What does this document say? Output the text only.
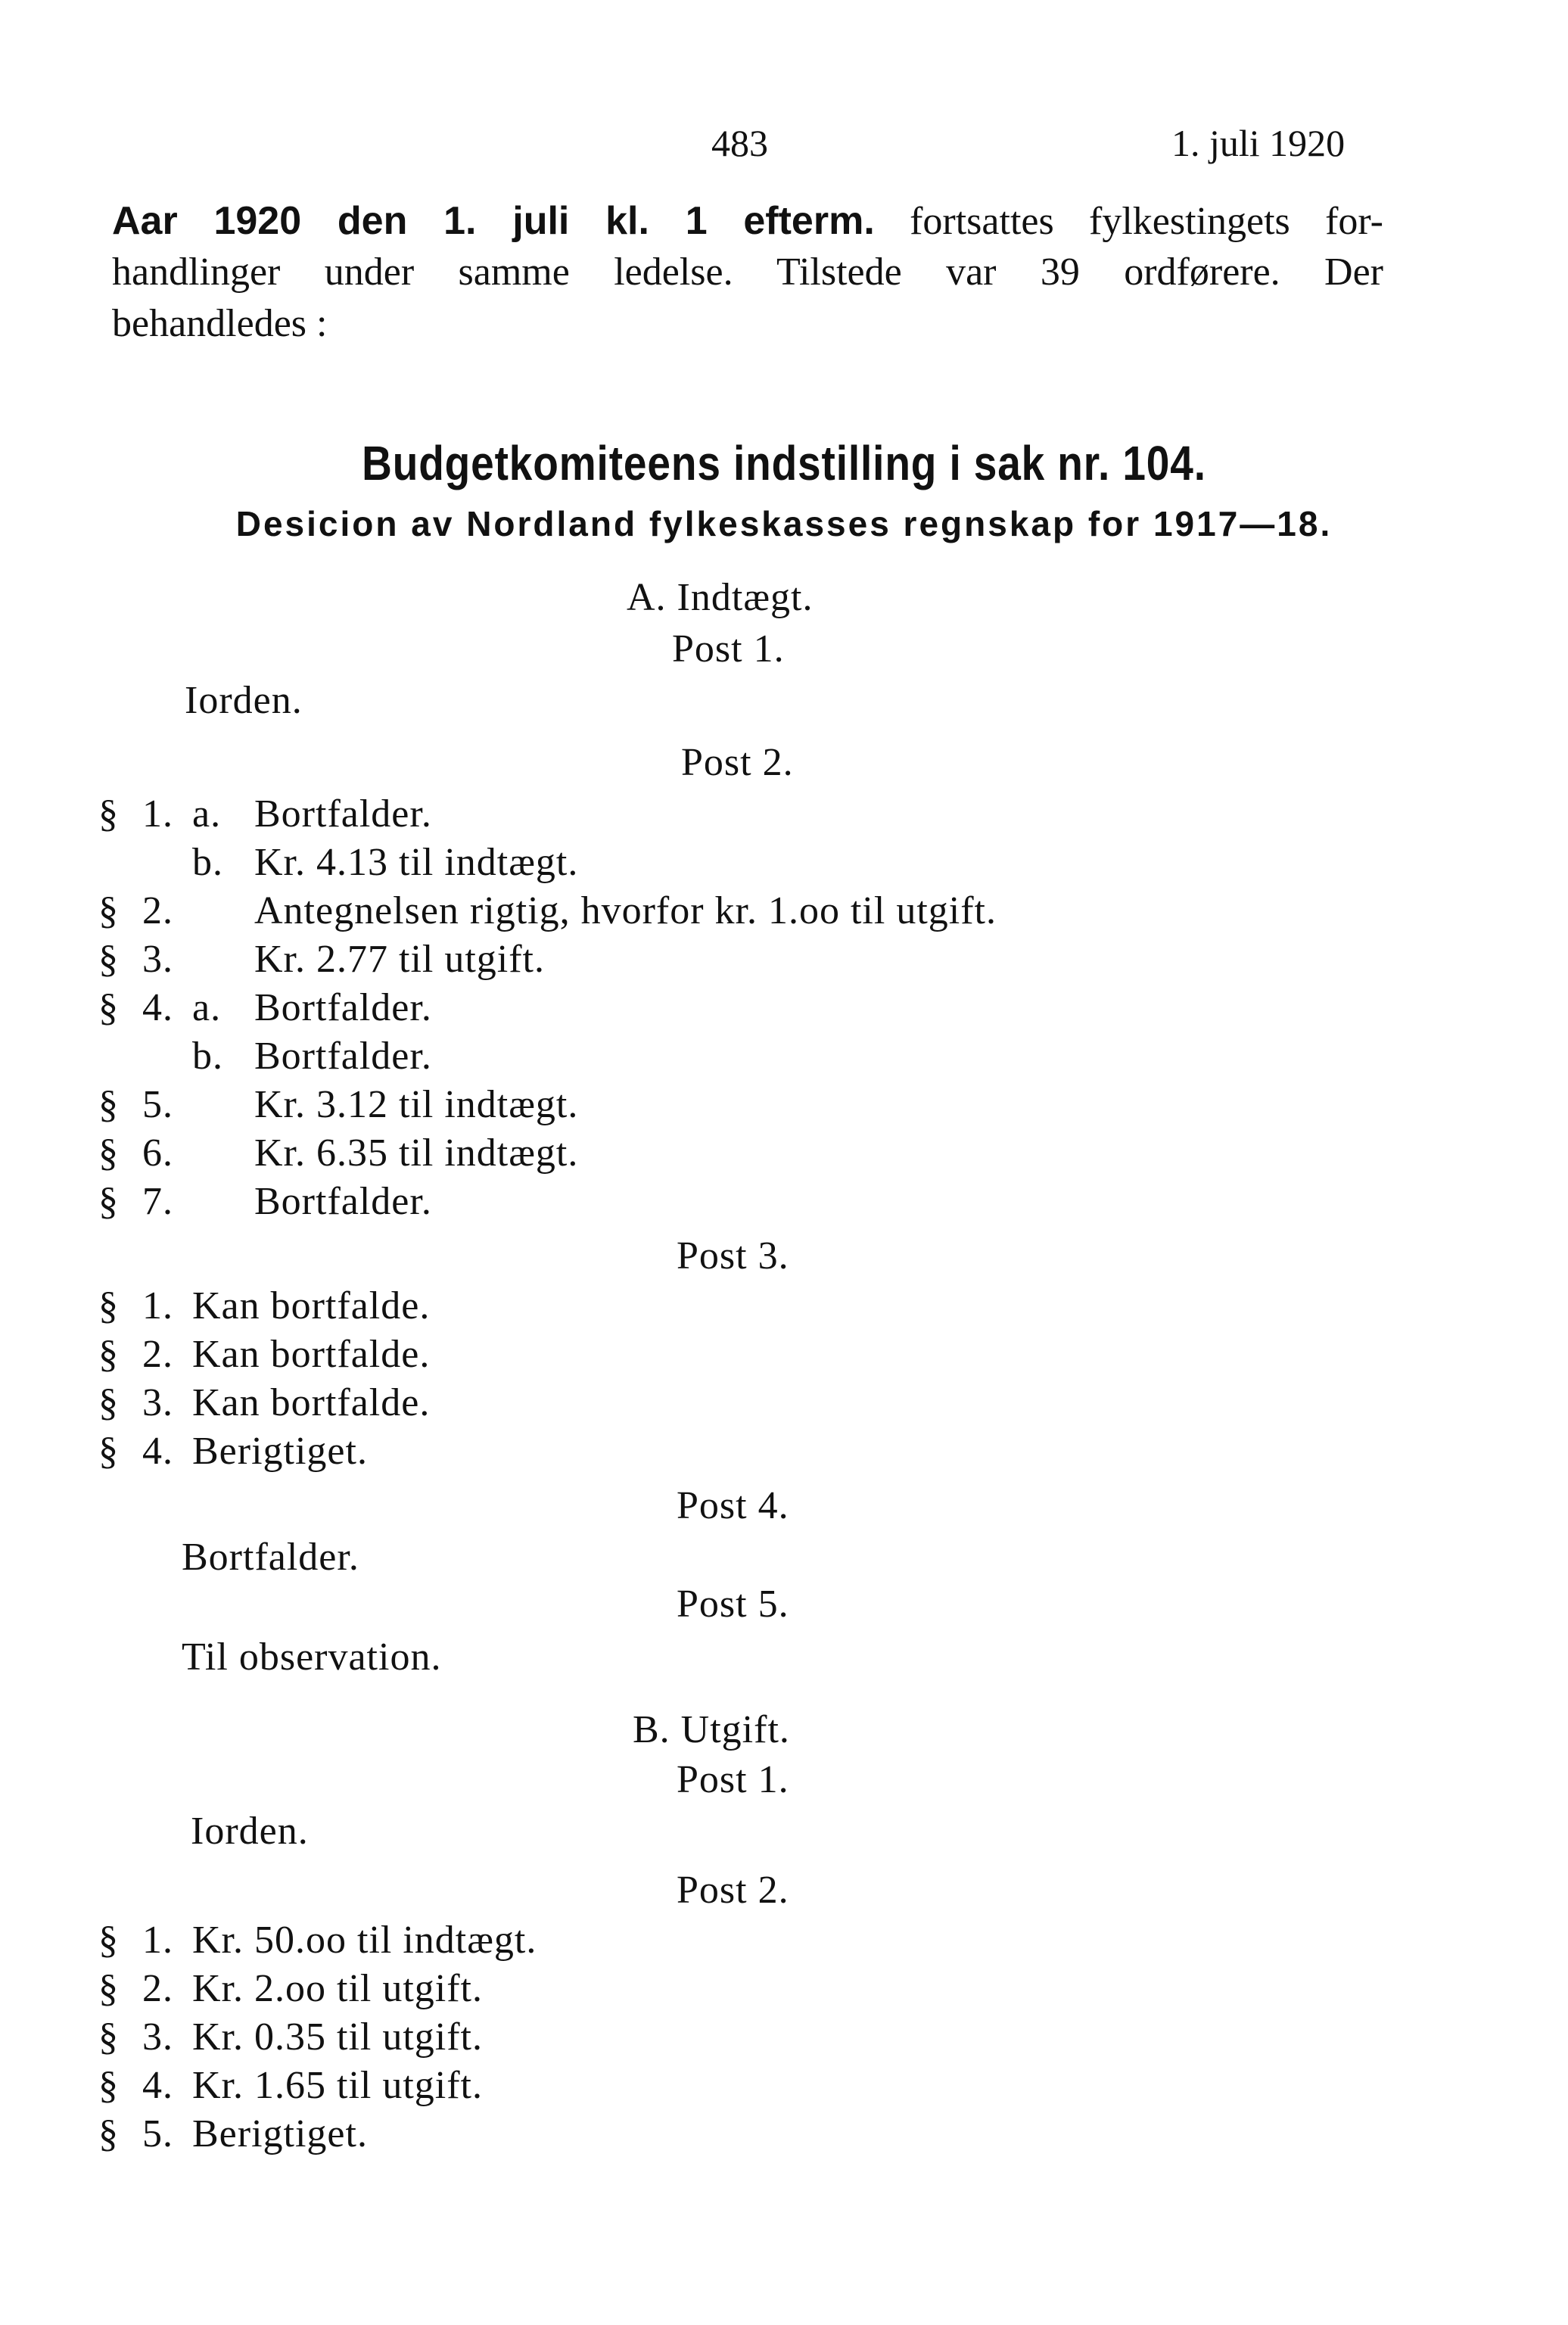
483	1. juli 1920
Aar 1920 den 1. juli kl. 1 efterm. fortsattes fylkestingets for-
handlinger under samme ledelse. Tilstede var 39 ordførere. Der
behandledes :
Budgetkomiteens indstilling i sak nr. 104.
Desicion av Nordland fylkeskasses regnskap for 1917—18.
A. Indtægt.
Post 1.
Iorden.
Post 2.
§ 1. a. Bortfalder.
b. Kr. 4.13 til indtægt.
§ 2. Antegnelsen rigtig, hvorfor kr. 1.oo til utgift.
§ 3. Kr. 2.77 til utgift.
§ 4. a. Bortfalder.
b. Bortfalder.
§ 5. Kr. 3.12 til indtægt.
§ 6. Kr. 6.35 til indtægt.
§ 7. Bortfalder.
Post 3.
§ 1. Kan bortfalde.
§ 2. Kan bortfalde.
§ 3. Kan bortfalde.
§ 4. Berigtiget.
Post 4.
Bortfalder.
Post 5.
Til observation.
B. Utgift.
Post 1.
Iorden.
Post 2.
§ 1. Kr. 50.oo til indtægt.
§ 2. Kr. 2.oo til utgift.
§ 3. Kr. 0.35 til utgift.
§ 4. Kr. 1.65 til utgift.
§ 5. Berigtiget.
